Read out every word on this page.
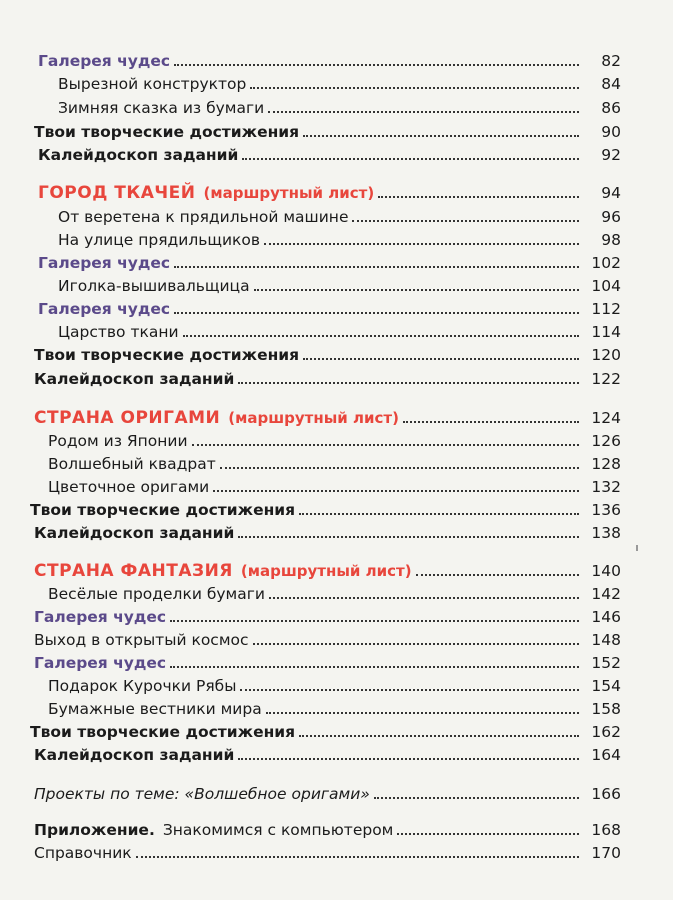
Галерея чудес	82
Вырезной конструктор	84
Зимняя сказка из бумаги	86
Твои творческие достижения	90
Калейдоскоп заданий	92
ГОРОД ТКАЧЕЙ (маршрутный лист)	94
От веретена к прядильной машине	96
На улице прядильщиков	98
Галерея чудес	102
Иголка-вышивальщица	104
Галерея чудес	112
Царство ткани	114
Твои творческие достижения	120
Калейдоскоп заданий	122
СТРАНА ОРИГАМИ (маршрутный лист)	124
Родом из Японии	126
Волшебный квадрат	128
Цветочное оригами	132
Твои творческие достижения	136
Калейдоскоп заданий	138
СТРАНА ФАНТАЗИЯ (маршрутный лист)	140
Весёлые проделки бумаги	142
Галерея чудес	146
Выход в открытый космос	148
Галерея чудес	152
Подарок Курочки Рябы	154
Бумажные вестники мира	158
Твои творческие достижения	162
Калейдоскоп заданий	164
Проекты по теме: «Волшебное оригами»	166
Приложение. Знакомимся с компьютером	168
Справочник	170
